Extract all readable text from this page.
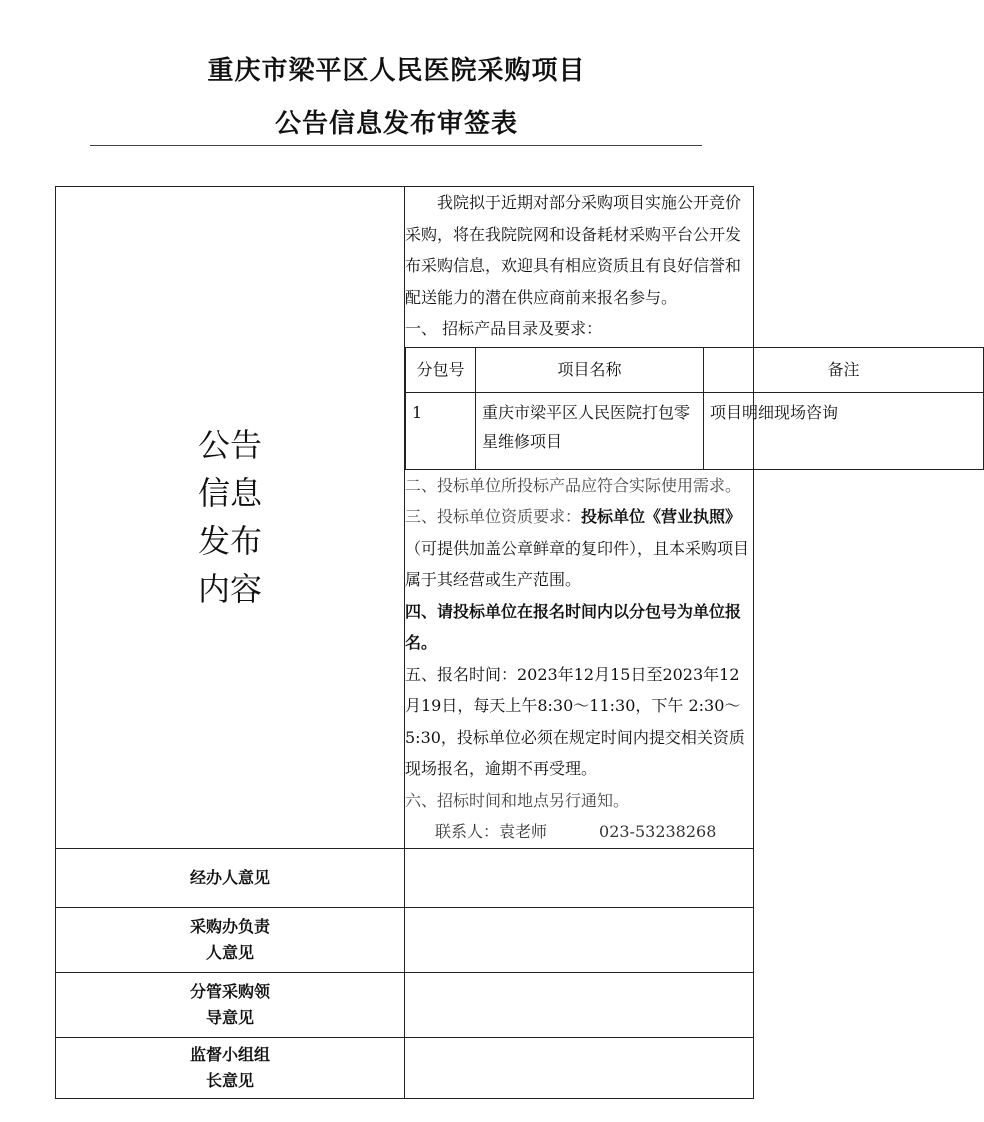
重庆市梁平区人民医院采购项目
公告信息发布审签表
公告
信息
发布
内容

我院拟于近期对部分采购项目实施公开竞价采购，将在我院院网和设备耗材采购平台公开发布采购信息，欢迎具有相应资质且有良好信誉和配送能力的潜在供应商前来报名参与。

一、 招标产品目录及要求：

分包号	项目名称	备注
1	重庆市梁平区人民医院打包零星维修项目	项目明细现场咨询

二、投标单位所投标产品应符合实际使用需求。

三、投标单位资质要求：投标单位《营业执照》（可提供加盖公章鲜章的复印件），且本采购项目属于其经营或生产范围。

四、请投标单位在报名时间内以分包号为单位报名。

五、报名时间：2023年12月15日至2023年12月19日，每天上午8:30～11:30，下午 2:30～5:30，投标单位必须在规定时间内提交相关资质现场报名，逾期不再受理。

六、招标时间和地点另行通知。

联系人：袁老师	023-53238268

经办人意见	

采购办负责人意见

分管采购领导意见

监督小组组长意见
